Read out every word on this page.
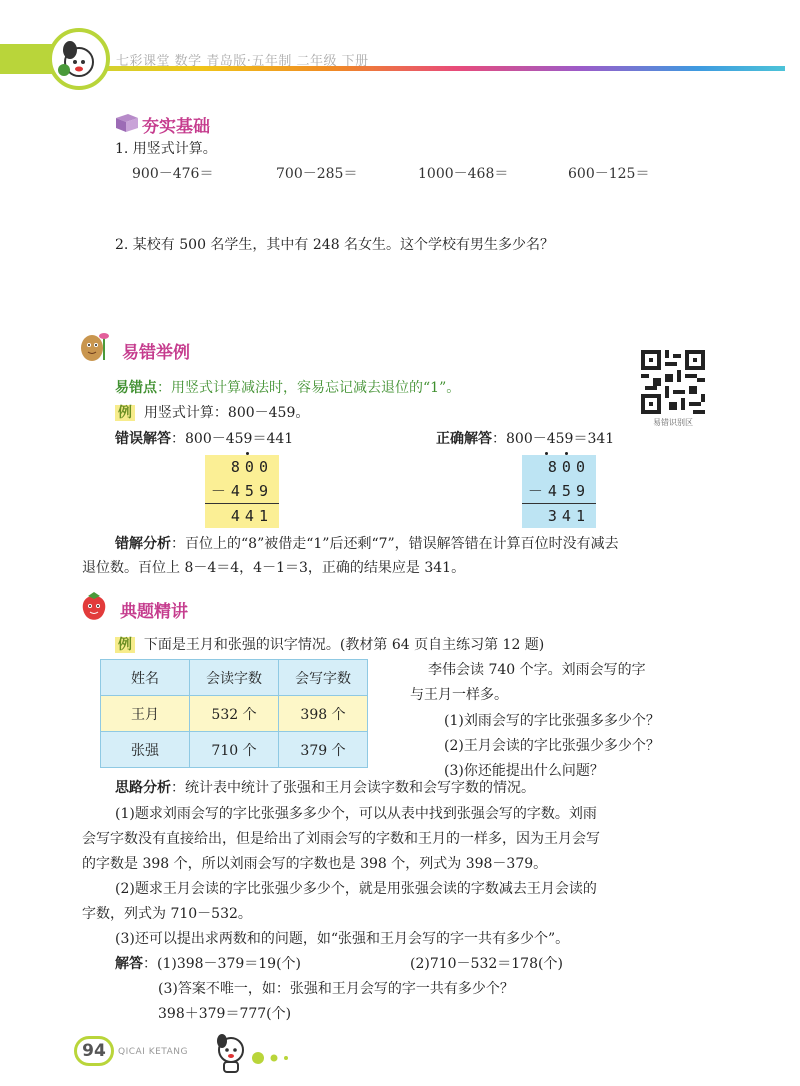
七彩课堂 数学 青岛版·五年制 二年级 下册
夯实基础
1. 用竖式计算。
900－476＝	700－285＝	1000－468＝	600－125＝
2. 某校有 500 名学生，其中有 248 名女生。这个学校有男生多少名？
易错举例
易错识别区
易错点：用竖式计算减法时，容易忘记减去退位的“1”。
例 用竖式计算：800－459。
错误解答：800－459＝441	正确解答：800－459＝341
800
－459
441
800
－459
341
错解分析：百位上的“8”被借走“1”后还剩“7”，错误解答错在计算百位时没有减去
退位数。百位上 8－4＝4，4－1＝3，正确的结果应是 341。
典题精讲
例 下面是王月和张强的识字情况。(教材第 64 页自主练习第 12 题)
姓名	会读字数	会写字数
王月	532 个	398 个
张强	710 个	379 个
李伟会读 740 个字。刘雨会写的字
与王月一样多。
(1)刘雨会写的字比张强多多少个？
(2)王月会读的字比张强少多少个？
(3)你还能提出什么问题？
思路分析：统计表中统计了张强和王月会读字数和会写字数的情况。
(1)题求刘雨会写的字比张强多多少个，可以从表中找到张强会写的字数。刘雨
会写字数没有直接给出，但是给出了刘雨会写的字数和王月的一样多，因为王月会写
的字数是 398 个，所以刘雨会写的字数也是 398 个，列式为 398－379。
(2)题求王月会读的字比张强少多少个，就是用张强会读的字数减去王月会读的
字数，列式为 710－532。
(3)还可以提出求两数和的问题，如“张强和王月会写的字一共有多少个”。
解答：(1)398－379＝19(个)	(2)710－532＝178(个)
(3)答案不唯一，如：张强和王月会写的字一共有多少个？
398＋379＝777(个)
94	QICAI KETANG
